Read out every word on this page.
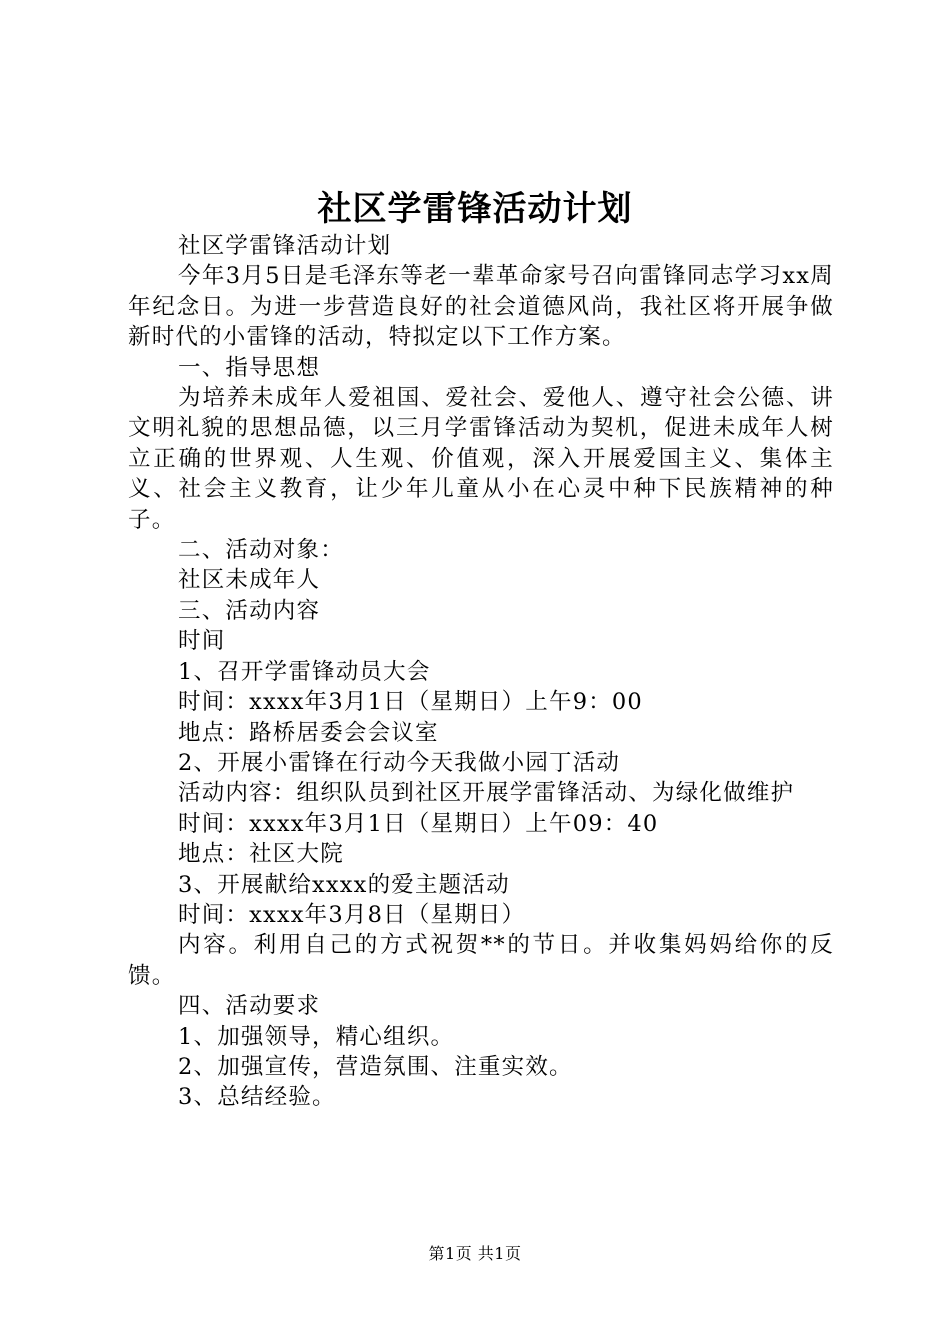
社区学雷锋活动计划

社区学雷锋活动计划

今年3月5日是毛泽东等老一辈革命家号召向雷锋同志学习xx周年纪念日。为进一步营造良好的社会道德风尚，我社区将开展争做新时代的小雷锋的活动，特拟定以下工作方案。

一、指导思想

为培养未成年人爱祖国、爱社会、爱他人、遵守社会公德、讲文明礼貌的思想品德，以三月学雷锋活动为契机，促进未成年人树立正确的世界观、人生观、价值观，深入开展爱国主义、集体主义、社会主义教育，让少年儿童从小在心灵中种下民族精神的种子。

二、活动对象：

社区未成年人

三、活动内容

时间

1、召开学雷锋动员大会

时间：xxxx年3月1日（星期日）上午9：00

地点：路桥居委会会议室

2、开展小雷锋在行动今天我做小园丁活动

活动内容：组织队员到社区开展学雷锋活动、为绿化做维护

时间：xxxx年3月1日（星期日）上午09：40

地点：社区大院

3、开展献给xxxx的爱主题活动

时间：xxxx年3月8日（星期日）

内容。利用自己的方式祝贺**的节日。并收集妈妈给你的反馈。

四、活动要求

1、加强领导，精心组织。

2、加强宣传，营造氛围、注重实效。

3、总结经验。

第1页 共1页
